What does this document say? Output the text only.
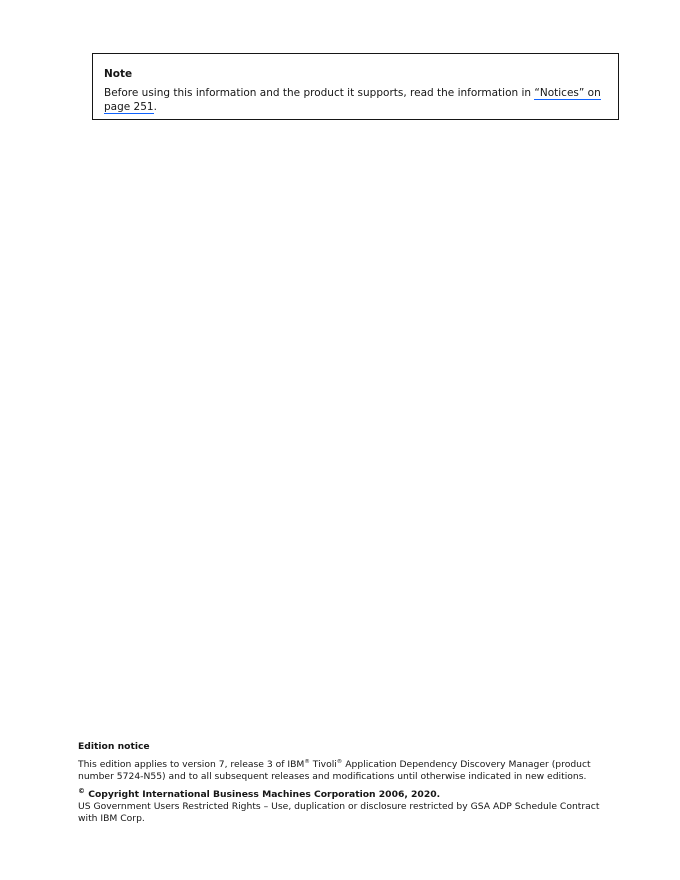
Note

Before using this information and the product it supports, read the information in “Notices” on page 251.

Edition notice

This edition applies to version 7, release 3 of IBM® Tivoli® Application Dependency Discovery Manager (product number 5724-N55) and to all subsequent releases and modifications until otherwise indicated in new editions.

© Copyright International Business Machines Corporation 2006, 2020.

US Government Users Restricted Rights – Use, duplication or disclosure restricted by GSA ADP Schedule Contract with IBM Corp.
